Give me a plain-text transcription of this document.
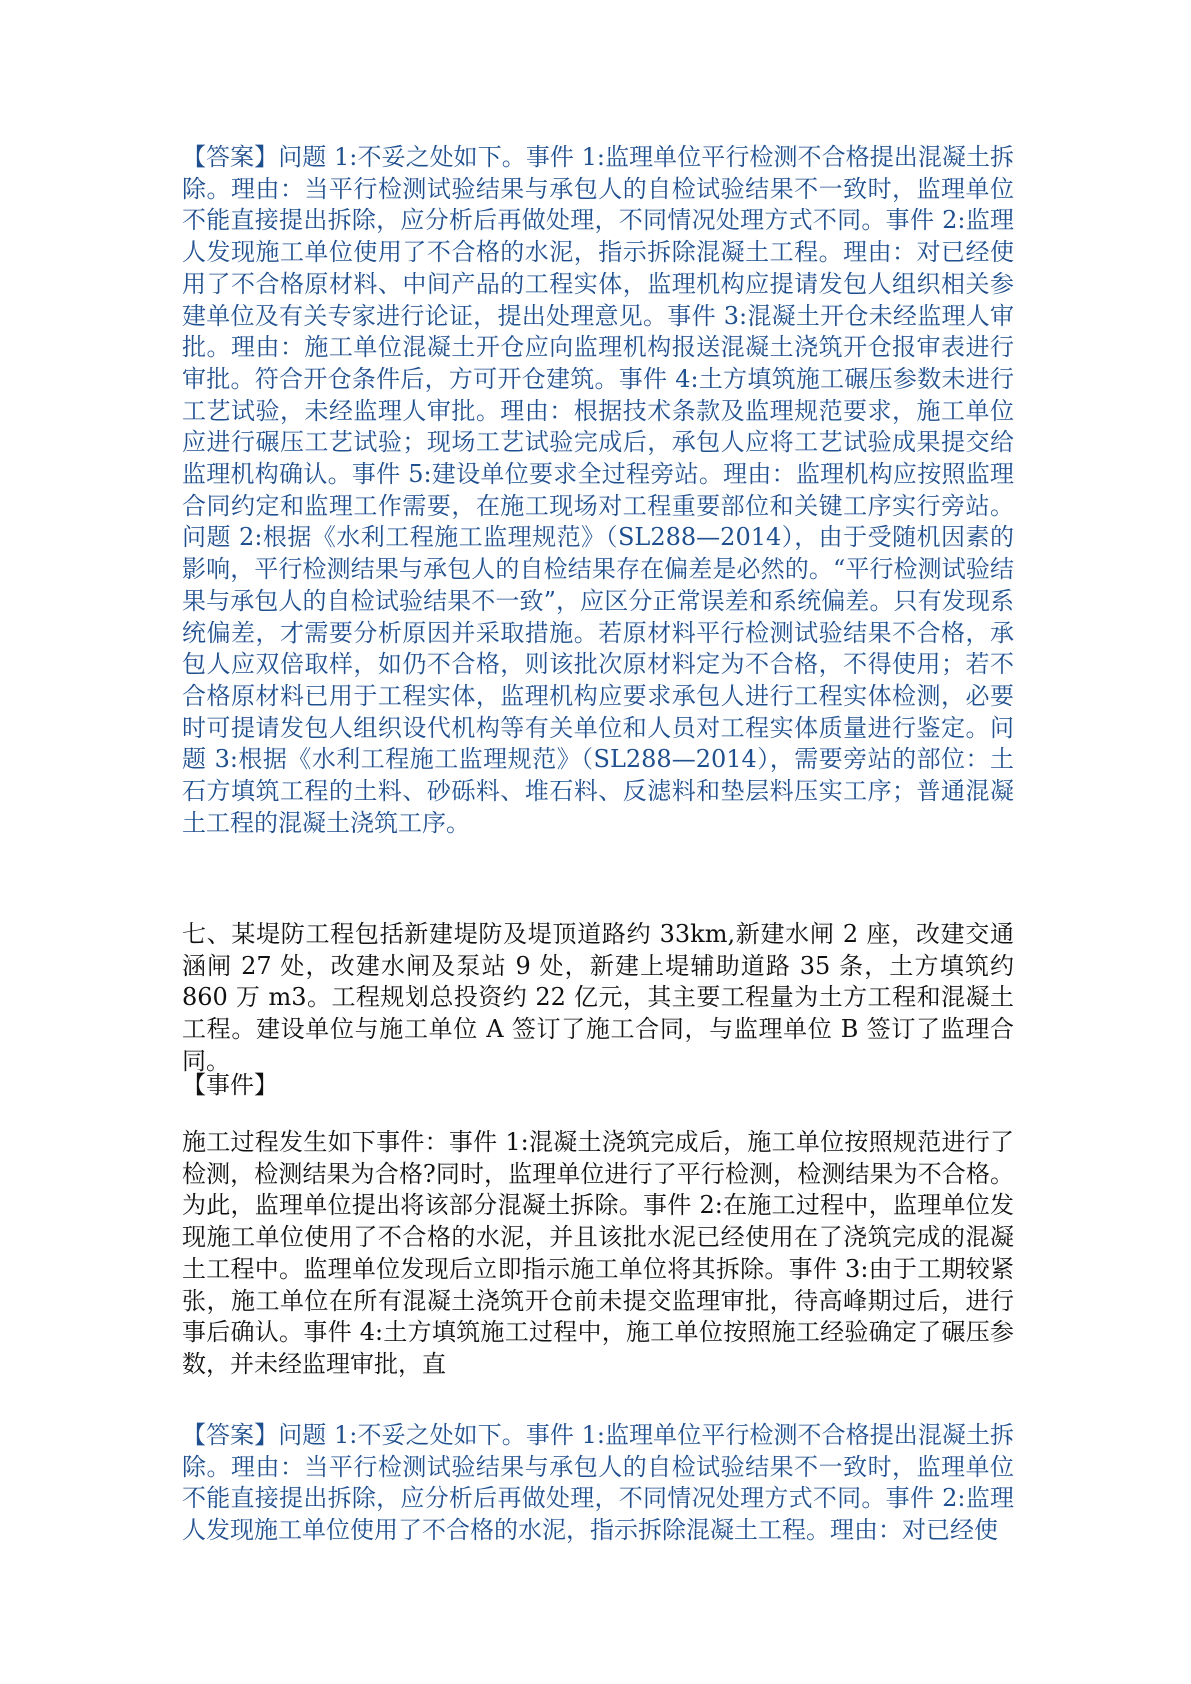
【答案】问题 1:不妥之处如下。事件 1:监理单位平行检测不合格提出混凝土拆除。理由：当平行检测试验结果与承包人的自检试验结果不一致时，监理单位不能直接提出拆除，应分析后再做处理，不同情况处理方式不同。事件 2:监理人发现施工单位使用了不合格的水泥，指示拆除混凝土工程。理由：对已经使用了不合格原材料、中间产品的工程实体，监理机构应提请发包人组织相关参建单位及有关专家进行论证，提出处理意见。事件 3:混凝土开仓未经监理人审批。理由：施工单位混凝土开仓应向监理机构报送混凝土浇筑开仓报审表进行审批。符合开仓条件后，方可开仓建筑。事件 4:土方填筑施工碾压参数未进行工艺试验，未经监理人审批。理由：根据技术条款及监理规范要求，施工单位应进行碾压工艺试验；现场工艺试验完成后，承包人应将工艺试验成果提交给监理机构确认。事件 5:建设单位要求全过程旁站。理由：监理机构应按照监理合同约定和监理工作需要，在施工现场对工程重要部位和关键工序实行旁站。问题 2:根据《水利工程施工监理规范》（SL288—2014），由于受随机因素的影响，平行检测结果与承包人的自检结果存在偏差是必然的。“平行检测试验结果与承包人的自检试验结果不一致”，应区分正常误差和系统偏差。只有发现系统偏差，才需要分析原因并采取措施。若原材料平行检测试验结果不合格，承包人应双倍取样，如仍不合格，则该批次原材料定为不合格，不得使用；若不合格原材料已用于工程实体，监理机构应要求承包人进行工程实体检测，必要时可提请发包人组织设代机构等有关单位和人员对工程实体质量进行鉴定。问题 3:根据《水利工程施工监理规范》（SL288—2014），需要旁站的部位：土石方填筑工程的土料、砂砾料、堆石料、反滤料和垫层料压实工序；普通混凝土工程的混凝土浇筑工序。
七、某堤防工程包括新建堤防及堤顶道路约 33km,新建水闸 2 座，改建交通涵闸 27 处，改建水闸及泵站 9 处，新建上堤辅助道路 35 条，土方填筑约 860 万 m3。工程规划总投资约 22 亿元，其主要工程量为土方工程和混凝土工程。建设单位与施工单位 A 签订了施工合同，与监理单位 B 签订了监理合同。
【事件】
施工过程发生如下事件：事件 1:混凝土浇筑完成后，施工单位按照规范进行了检测，检测结果为合格?同时，监理单位进行了平行检测，检测结果为不合格。为此，监理单位提出将该部分混凝土拆除。事件 2:在施工过程中，监理单位发现施工单位使用了不合格的水泥，并且该批水泥已经使用在了浇筑完成的混凝土工程中。监理单位发现后立即指示施工单位将其拆除。事件 3:由于工期较紧张，施工单位在所有混凝土浇筑开仓前未提交监理审批，待高峰期过后，进行事后确认。事件 4:土方填筑施工过程中，施工单位按照施工经验确定了碾压参数，并未经监理审批，直
【答案】问题 1:不妥之处如下。事件 1:监理单位平行检测不合格提出混凝土拆除。理由：当平行检测试验结果与承包人的自检试验结果不一致时，监理单位不能直接提出拆除，应分析后再做处理，不同情况处理方式不同。事件 2:监理人发现施工单位使用了不合格的水泥，指示拆除混凝土工程。理由：对已经使
